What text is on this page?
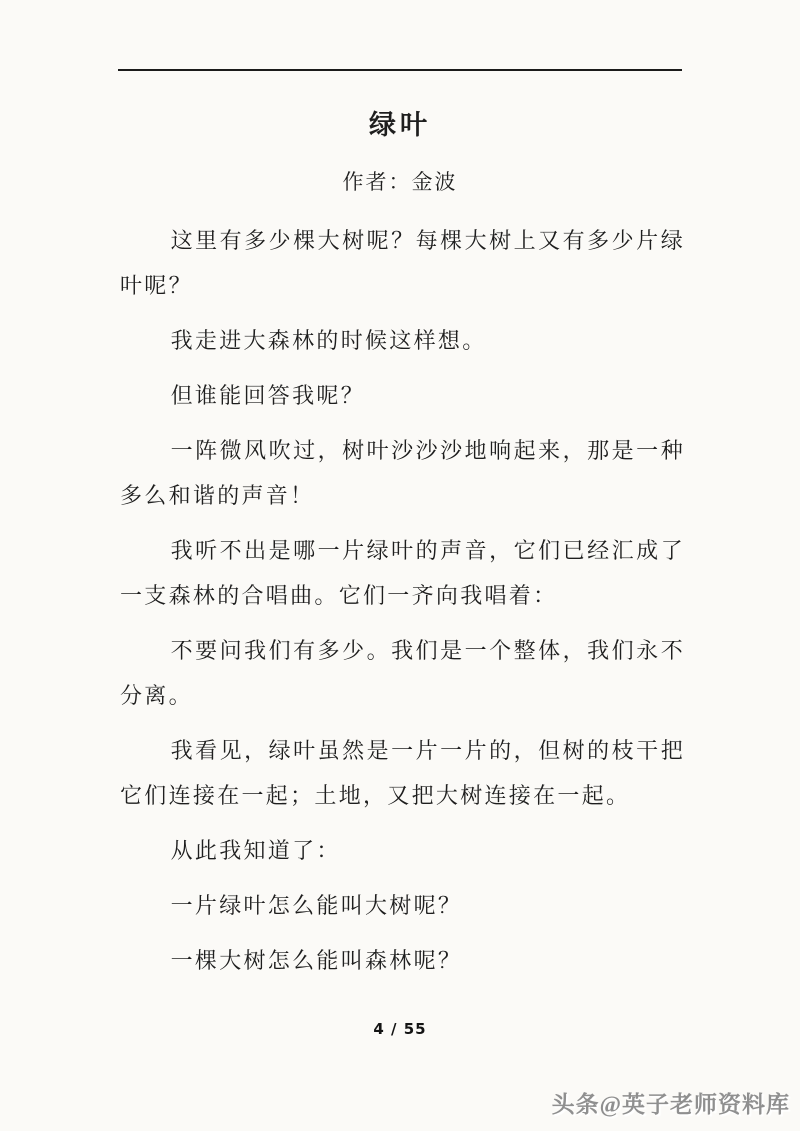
绿叶
作者：金波

这里有多少棵大树呢？每棵大树上又有多少片绿叶呢？

我走进大森林的时候这样想。

但谁能回答我呢？

一阵微风吹过，树叶沙沙沙地响起来，那是一种多么和谐的声音！

我听不出是哪一片绿叶的声音，它们已经汇成了一支森林的合唱曲。它们一齐向我唱着：

不要问我们有多少。我们是一个整体，我们永不分离。

我看见，绿叶虽然是一片一片的，但树的枝干把它们连接在一起；土地，又把大树连接在一起。

从此我知道了：

一片绿叶怎么能叫大树呢？

一棵大树怎么能叫森林呢？

4 / 55
头条@英子老师资料库
